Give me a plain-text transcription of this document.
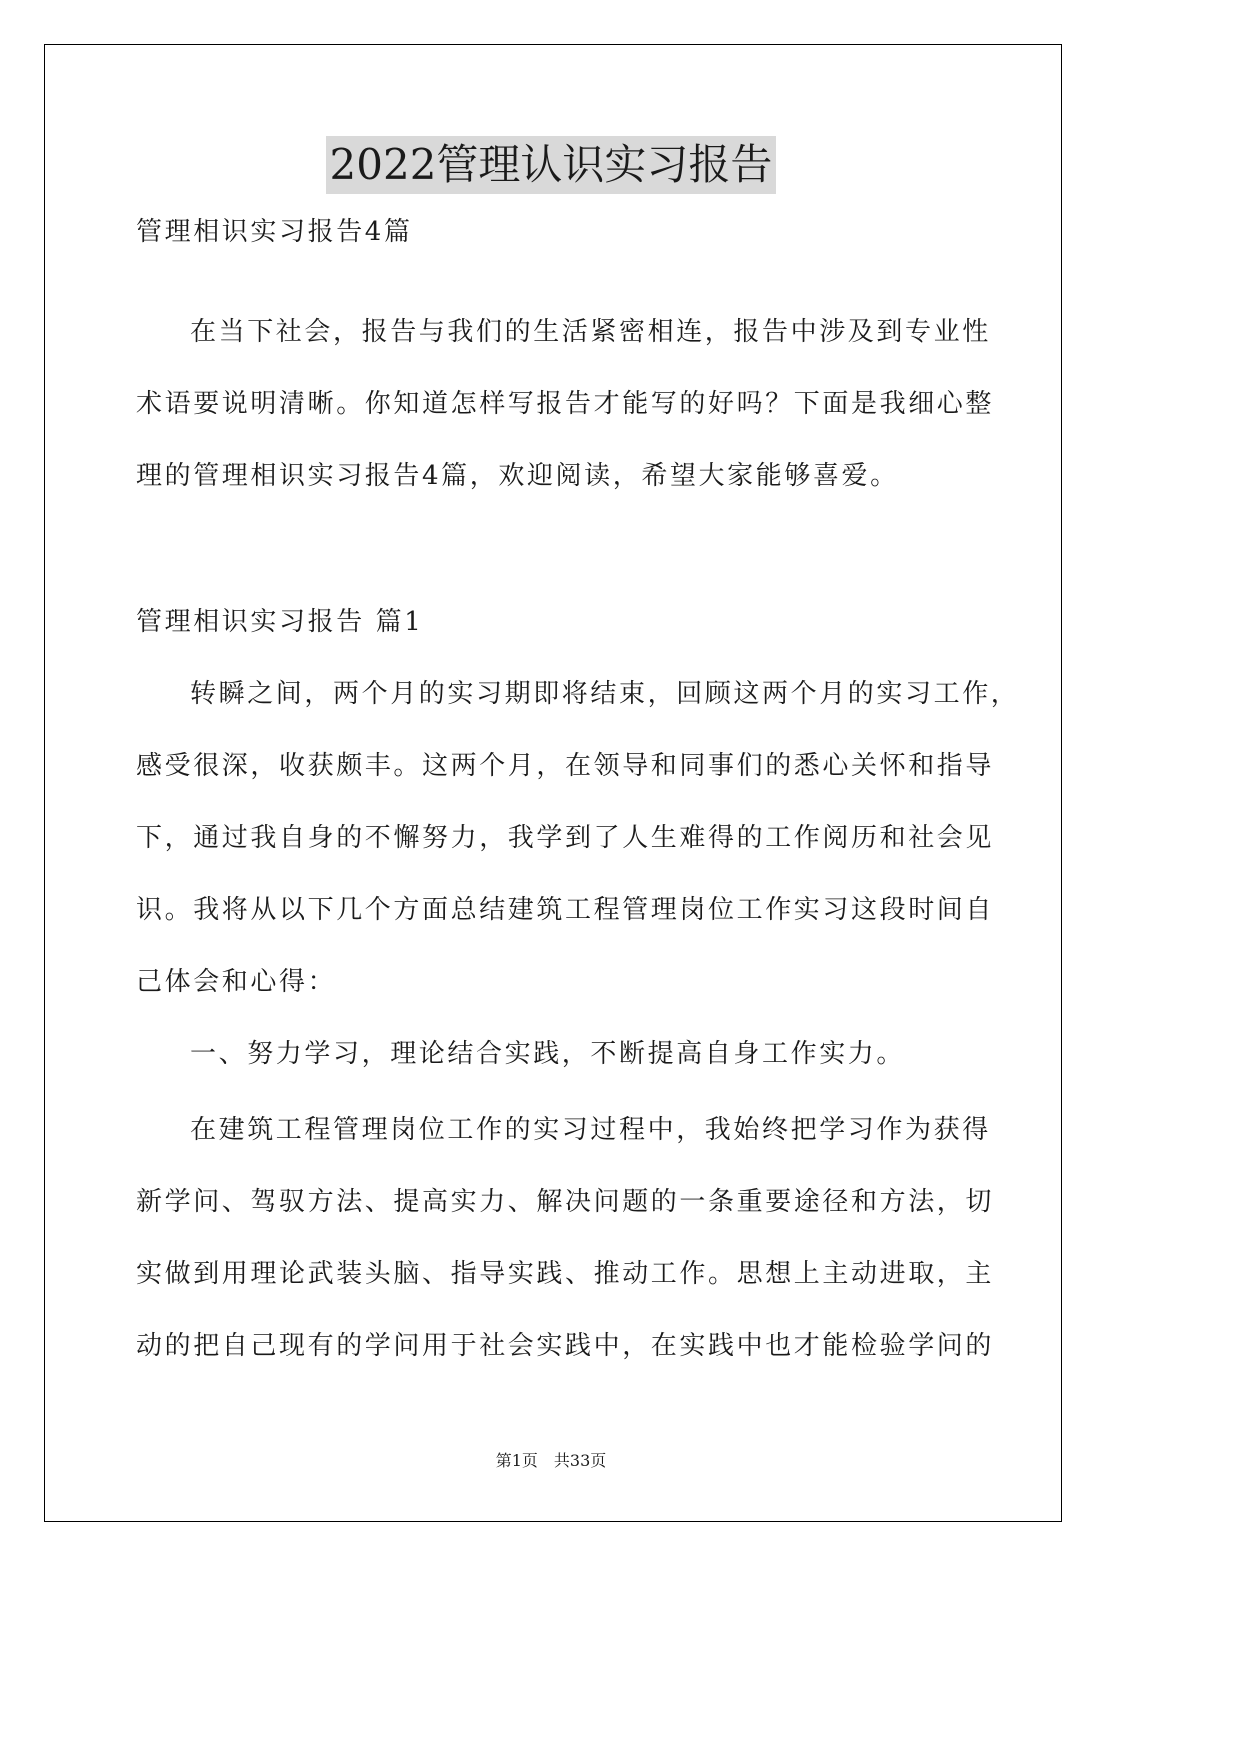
2022管理认识实习报告
管理相识实习报告4篇
在当下社会，报告与我们的生活紧密相连，报告中涉及到专业性
术语要说明清晰。你知道怎样写报告才能写的好吗？下面是我细心整
理的管理相识实习报告4篇，欢迎阅读，希望大家能够喜爱。
管理相识实习报告 篇1
转瞬之间，两个月的实习期即将结束，回顾这两个月的实习工作，
感受很深，收获颇丰。这两个月，在领导和同事们的悉心关怀和指导
下，通过我自身的不懈努力，我学到了人生难得的工作阅历和社会见
识。我将从以下几个方面总结建筑工程管理岗位工作实习这段时间自
己体会和心得：
一、努力学习，理论结合实践，不断提高自身工作实力。
在建筑工程管理岗位工作的实习过程中，我始终把学习作为获得
新学问、驾驭方法、提高实力、解决问题的一条重要途径和方法，切
实做到用理论武装头脑、指导实践、推动工作。思想上主动进取，主
动的把自己现有的学问用于社会实践中，在实践中也才能检验学问的
第1页　共33页
